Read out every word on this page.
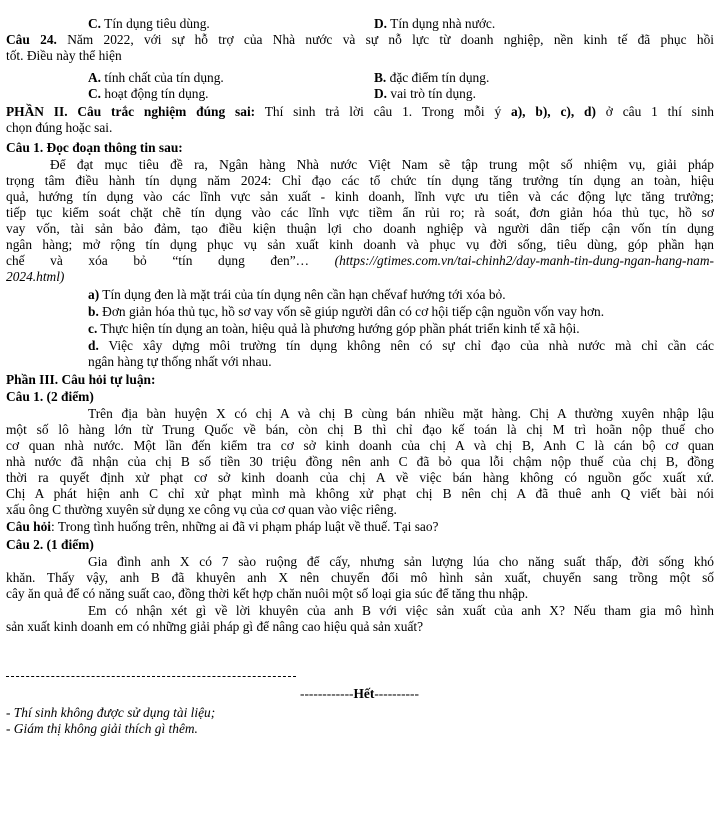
C. Tín dụng tiêu dùng.	D. Tín dụng nhà nước.
Câu 24. Năm 2022, với sự hỗ trợ của Nhà nước và sự nỗ lực từ doanh nghiệp, nền kinh tế đã phục hồi
tốt. Điều này thể hiện
A. tính chất của tín dụng.	B. đặc điểm tín dụng.
C. hoạt động tín dụng.	D. vai trò tín dụng.
PHẦN II. Câu trắc nghiệm đúng sai: Thí sinh trả lời câu 1. Trong mỗi ý a), b), c), d) ở câu 1 thí sinh
chọn đúng hoặc sai.
Câu 1. Đọc đoạn thông tin sau:
Để đạt mục tiêu đề ra, Ngân hàng Nhà nước Việt Nam sẽ tập trung một số nhiệm vụ, giải pháp
trọng tâm điều hành tín dụng năm 2024: Chỉ đạo các tổ chức tín dụng tăng trưởng tín dụng an toàn, hiệu
quả, hướng tín dụng vào các lĩnh vực sản xuất - kinh doanh, lĩnh vực ưu tiên và các động lực tăng trưởng;
tiếp tục kiểm soát chặt chẽ tín dụng vào các lĩnh vực tiềm ẩn rủi ro; rà soát, đơn giản hóa thủ tục, hồ sơ
vay vốn, tài sản bảo đảm, tạo điều kiện thuận lợi cho doanh nghiệp và người dân tiếp cận vốn tín dụng
ngân hàng; mở rộng tín dụng phục vụ sản xuất kinh doanh và phục vụ đời sống, tiêu dùng, góp phần hạn
chế và xóa bỏ “tín dụng đen”… (https://gtimes.com.vn/tai-chinh2/day-manh-tin-dung-ngan-hang-nam-
2024.html)
a) Tín dụng đen là mặt trái của tín dụng nên cần hạn chếvaf hướng tới xóa bỏ.
b. Đơn giản hóa thủ tục, hồ sơ vay vốn sẽ giúp người dân có cơ hội tiếp cận nguồn vốn vay hơn.
c. Thực hiện tín dụng an toàn, hiệu quả là phương hướng góp phần phát triển kinh tế xã hội.
d. Việc xây dựng môi trường tín dụng không nên có sự chỉ đạo của nhà nước mà chỉ cần các
ngân hàng tự thống nhất với nhau.
Phần III. Câu hỏi tự luận:
Câu 1. (2 điểm)
Trên địa bàn huyện X có chị A và chị B cùng bán nhiều mặt hàng. Chị A thường xuyên nhập lậu
một số lô hàng lớn từ Trung Quốc về bán, còn chị B thì chỉ đạo kế toán là chị M trì hoãn nộp thuế cho
cơ quan nhà nước. Một lần đến kiểm tra cơ sở kinh doanh của chị A và chị B, Anh C là cán bộ cơ quan
nhà nước đã nhận của chị B số tiền 30 triệu đồng nên anh C đã bỏ qua lỗi chậm nộp thuế của chị B, đồng
thời ra quyết định xử phạt cơ sở kinh doanh của chị A về việc bán hàng không có nguồn gốc xuất xứ.
Chị A phát hiện anh C chỉ xử phạt mình mà không xử phạt chị B nên chị A đã thuê anh Q viết bài nói
xấu ông C thường xuyên sử dụng xe công vụ của cơ quan vào việc riêng.
Câu hỏi: Trong tình huống trên, những ai đã vi phạm pháp luật về thuế. Tại sao?
Câu 2. (1 điểm)
Gia đình anh X có 7 sào ruộng để cấy, nhưng sản lượng lúa cho năng suất thấp, đời sống khó
khăn. Thấy vậy, anh B đã khuyên anh X nên chuyển đổi mô hình sản xuất, chuyển sang trồng một số
cây ăn quả để có năng suất cao, đồng thời kết hợp chăn nuôi một số loại gia súc để tăng thu nhập.
Em có nhận xét gì về lời khuyên của anh B với việc sản xuất của anh X? Nếu tham gia mô hình
sản xuất kinh doanh em có những giải pháp gì để nâng cao hiệu quả sản xuất?
------------Hết----------
- Thí sinh không được sử dụng tài liệu;
- Giám thị không giải thích gì thêm.
